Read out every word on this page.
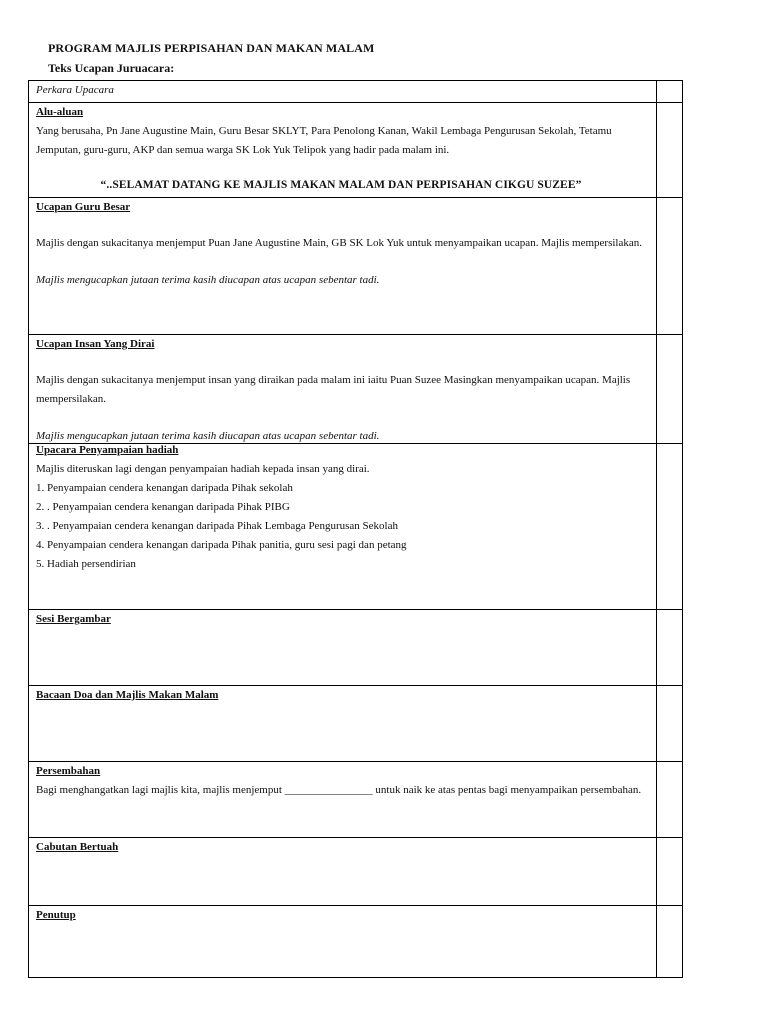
PROGRAM MAJLIS PERPISAHAN DAN MAKAN MALAM
Teks Ucapan Juruacara:
Perkara Upacara
Alu-aluan

Yang berusaha, Pn Jane Augustine Main, Guru Besar SKLYT, Para Penolong Kanan, Wakil Lembaga Pengurusan Sekolah, Tetamu Jemputan, guru-guru, AKP dan semua warga SK Lok Yuk Telipok yang hadir pada malam ini.

“..SELAMAT DATANG KE MAJLIS MAKAN MALAM DAN PERPISAHAN CIKGU SUZEE”
Ucapan Guru Besar

Majlis dengan sukacitanya menjemput Puan Jane Augustine Main, GB SK Lok Yuk untuk menyampaikan ucapan. Majlis mempersilakan.

Majlis mengucapkan jutaan terima kasih diucapan atas ucapan sebentar tadi.

Ucapan Insan Yang Dirai

Majlis dengan sukacitanya menjemput insan yang diraikan pada malam ini iaitu Puan Suzee Masingkan menyampaikan ucapan. Majlis mempersilakan.

Majlis mengucapkan jutaan terima kasih diucapan atas ucapan sebentar tadi.

Upacara Penyampaian hadiah

Majlis diteruskan lagi dengan penyampaian hadiah kepada insan yang dirai.

1. Penyampaian cendera kenangan daripada Pihak sekolah

2. . Penyampaian cendera kenangan daripada Pihak PIBG

3. . Penyampaian cendera kenangan daripada Pihak Lembaga Pengurusan Sekolah

4. Penyampaian cendera kenangan daripada Pihak panitia, guru sesi pagi dan petang

5. Hadiah persendirian

Sesi Bergambar
Bacaan Doa dan Majlis Makan Malam
Persembahan

Bagi menghangatkan lagi majlis kita, majlis menjemput ________________ untuk naik ke atas pentas bagi menyampaikan persembahan.

Cabutan Bertuah
Penutup
